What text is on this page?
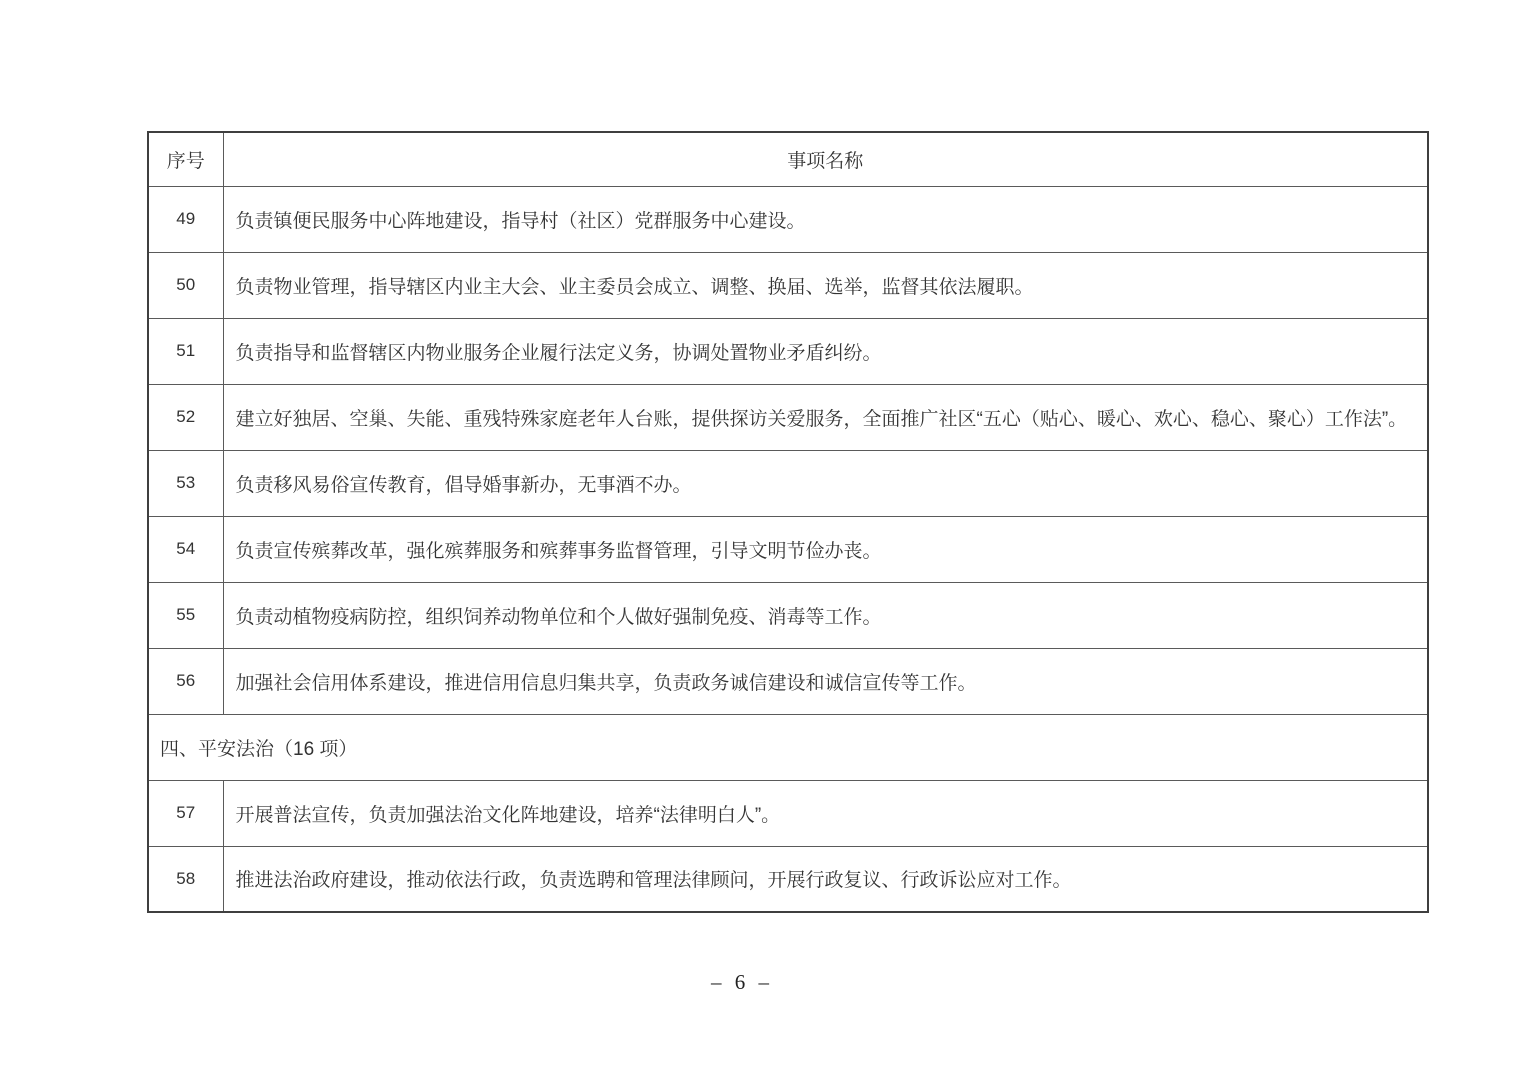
序号	事项名称
49	负责镇便民服务中心阵地建设，指导村（社区）党群服务中心建设。
50	负责物业管理，指导辖区内业主大会、业主委员会成立、调整、换届、选举，监督其依法履职。
51	负责指导和监督辖区内物业服务企业履行法定义务，协调处置物业矛盾纠纷。
52	建立好独居、空巢、失能、重残特殊家庭老年人台账，提供探访关爱服务，全面推广社区“五心（贴心、暖心、欢心、稳心、聚心）工作法”。
53	负责移风易俗宣传教育，倡导婚事新办，无事酒不办。
54	负责宣传殡葬改革，强化殡葬服务和殡葬事务监督管理，引导文明节俭办丧。
55	负责动植物疫病防控，组织饲养动物单位和个人做好强制免疫、消毒等工作。
56	加强社会信用体系建设，推进信用信息归集共享，负责政务诚信建设和诚信宣传等工作。
四、平安法治（16 项）	
57	开展普法宣传，负责加强法治文化阵地建设，培养“法律明白人”。
58	推进法治政府建设，推动依法行政，负责选聘和管理法律顾问，开展行政复议、行政诉讼应对工作。
– 6 –
